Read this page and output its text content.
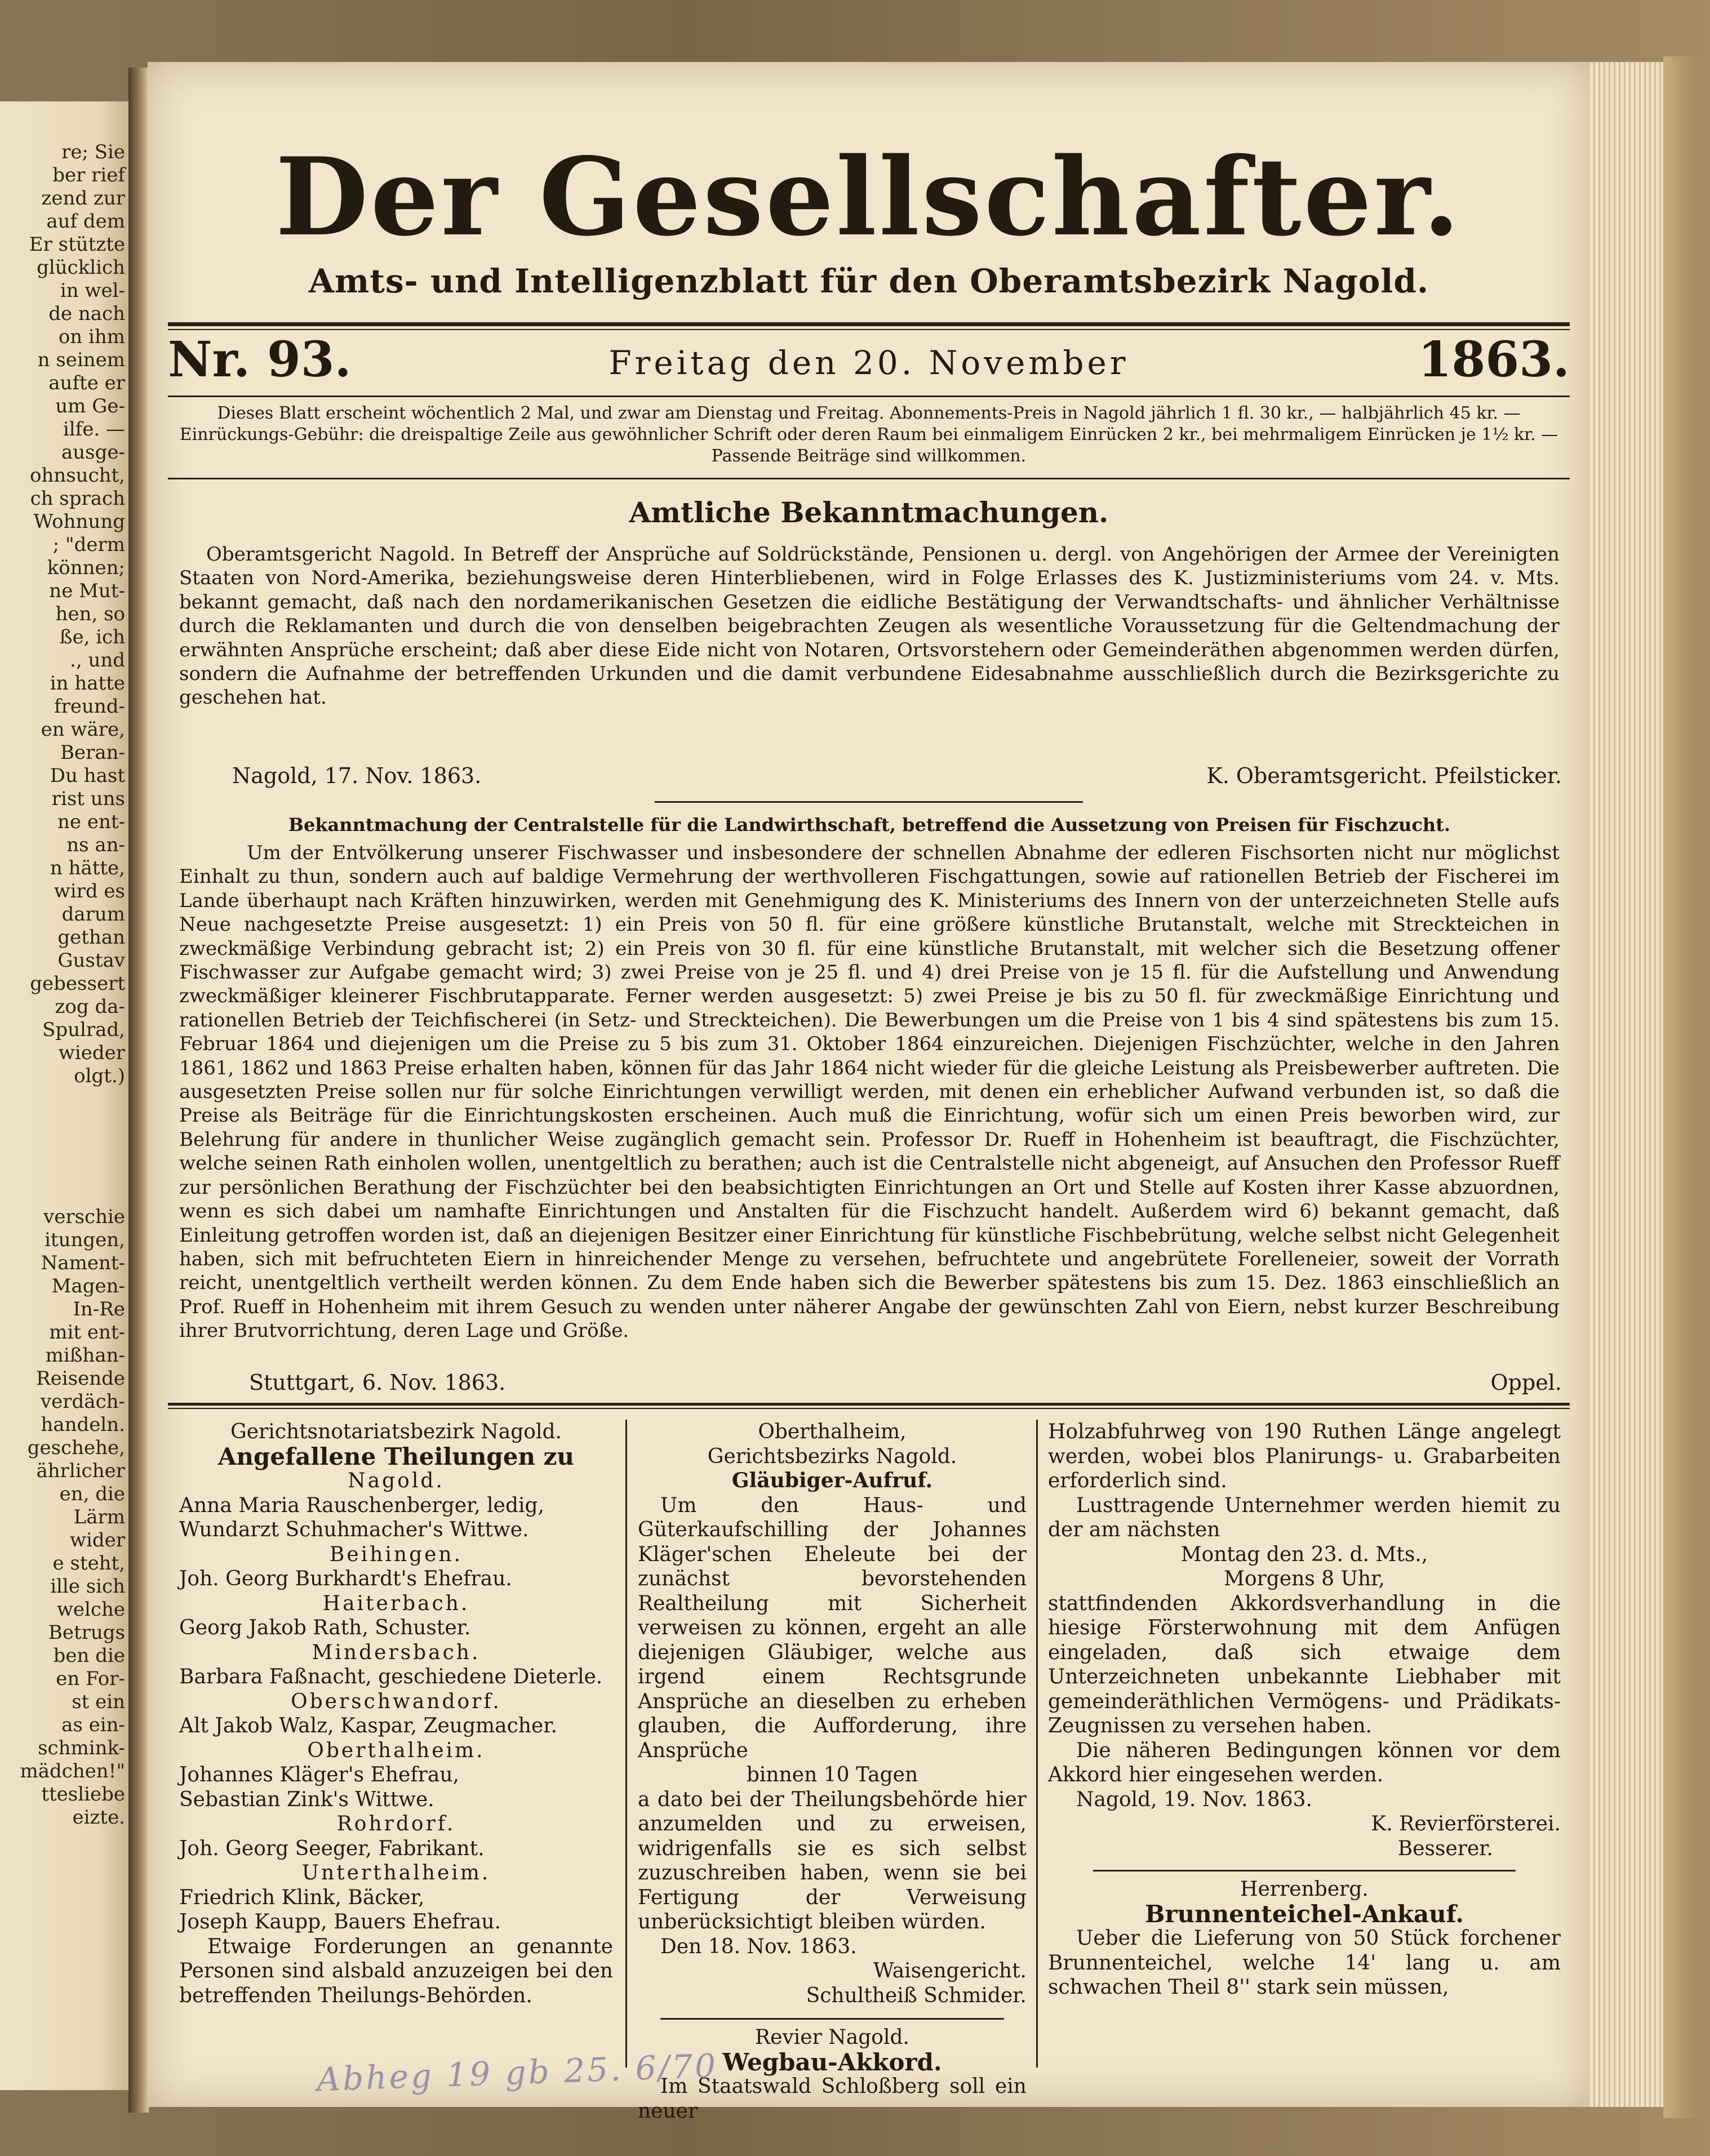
re; Sie
ber rief
zend zur
auf dem
Er stützte
glücklich
in wel-
de nach
on ihm
n seinem
aufte er
um Ge-
ilfe. —
ausge-
ohnsucht,
ch sprach
Wohnung
; "derm
können;
ne Mut-
hen, so
ße, ich
., und
in hatte
freund-
en wäre,
Beran-
Du hast
rist uns
ne ent-
ns an-
n hätte,
wird es
darum
gethan
Gustav
gebessert
zog da-
Spulrad,
wieder
olgt.)
verschie
itungen,
Nament-
Magen-
In-Re
mit ent-
mißhan-
Reisende
verdäch-
handeln.
geschehe,
ährlicher
en, die
Lärm
wider
e steht,
ille sich
welche
Betrugs
ben die
en For-
st ein
as ein-
schmink-
mädchen!"
ttesliebe
eizte.
Der Gesellschafter.
Amts- und Intelligenzblatt für den Oberamtsbezirk Nagold.
Nr. 93.	Freitag den 20. November	1863.
Dieses Blatt erscheint wöchentlich 2 Mal, und zwar am Dienstag und Freitag. Abonnements-Preis in Nagold jährlich 1 fl. 30 kr., — halbjährlich 45 kr. — Einrückungs-Gebühr: die dreispaltige Zeile aus gewöhnlicher Schrift oder deren Raum bei einmaligem Einrücken 2 kr., bei mehrmaligem Einrücken je 1½ kr. — Passende Beiträge sind willkommen.
Amtliche Bekanntmachungen.
Oberamtsgericht Nagold. In Betreff der Ansprüche auf Soldrückstände, Pensionen u. dergl. von Angehörigen der Armee der Vereinigten Staaten von Nord-Amerika, beziehungsweise deren Hinterbliebenen, wird in Folge Erlasses des K. Justizministeriums vom 24. v. Mts. bekannt gemacht, daß nach den nordamerikanischen Gesetzen die eidliche Bestätigung der Verwandtschafts- und ähnlicher Verhältnisse durch die Reklamanten und durch die von denselben beigebrachten Zeugen als wesentliche Voraussetzung für die Geltendmachung der erwähnten Ansprüche erscheint; daß aber diese Eide nicht von Notaren, Ortsvorstehern oder Gemeinderäthen abgenommen werden dürfen, sondern die Aufnahme der betreffenden Urkunden und die damit verbundene Eidesabnahme ausschließlich durch die Bezirksgerichte zu geschehen hat.
Nagold, 17. Nov. 1863.	K. Oberamtsgericht. Pfeilsticker.
Bekanntmachung der Centralstelle für die Landwirthschaft, betreffend die Aussetzung von Preisen für Fischzucht.
Um der Entvölkerung unserer Fischwasser und insbesondere der schnellen Abnahme der edleren Fischsorten nicht nur möglichst Einhalt zu thun, sondern auch auf baldige Vermehrung der werthvolleren Fischgattungen, sowie auf rationellen Betrieb der Fischerei im Lande überhaupt nach Kräften hinzuwirken, werden mit Genehmigung des K. Ministeriums des Innern von der unterzeichneten Stelle aufs Neue nachgesetzte Preise ausgesetzt: 1) ein Preis von 50 fl. für eine größere künstliche Brutanstalt, welche mit Streckteichen in zweckmäßige Verbindung gebracht ist; 2) ein Preis von 30 fl. für eine künstliche Brutanstalt, mit welcher sich die Besetzung offener Fischwasser zur Aufgabe gemacht wird; 3) zwei Preise von je 25 fl. und 4) drei Preise von je 15 fl. für die Aufstellung und Anwendung zweckmäßiger kleinerer Fischbrutapparate. Ferner werden ausgesetzt: 5) zwei Preise je bis zu 50 fl. für zweckmäßige Einrichtung und rationellen Betrieb der Teichfischerei (in Setz- und Streckteichen). Die Bewerbungen um die Preise von 1 bis 4 sind spätestens bis zum 15. Februar 1864 und diejenigen um die Preise zu 5 bis zum 31. Oktober 1864 einzureichen. Diejenigen Fischzüchter, welche in den Jahren 1861, 1862 und 1863 Preise erhalten haben, können für das Jahr 1864 nicht wieder für die gleiche Leistung als Preisbewerber auftreten. Die ausgesetzten Preise sollen nur für solche Einrichtungen verwilligt werden, mit denen ein erheblicher Aufwand verbunden ist, so daß die Preise als Beiträge für die Einrichtungskosten erscheinen. Auch muß die Einrichtung, wofür sich um einen Preis beworben wird, zur Belehrung für andere in thunlicher Weise zugänglich gemacht sein. Professor Dr. Rueff in Hohenheim ist beauftragt, die Fischzüchter, welche seinen Rath einholen wollen, unentgeltlich zu berathen; auch ist die Centralstelle nicht abgeneigt, auf Ansuchen den Professor Rueff zur persönlichen Berathung der Fischzüchter bei den beabsichtigten Einrichtungen an Ort und Stelle auf Kosten ihrer Kasse abzuordnen, wenn es sich dabei um namhafte Einrichtungen und Anstalten für die Fischzucht handelt. Außerdem wird 6) bekannt gemacht, daß Einleitung getroffen worden ist, daß an diejenigen Besitzer einer Einrichtung für künstliche Fischbebrütung, welche selbst nicht Gelegenheit haben, sich mit befruchteten Eiern in hinreichender Menge zu versehen, befruchtete und angebrütete Forelleneier, soweit der Vorrath reicht, unentgeltlich vertheilt werden können. Zu dem Ende haben sich die Bewerber spätestens bis zum 15. Dez. 1863 einschließlich an Prof. Rueff in Hohenheim mit ihrem Gesuch zu wenden unter näherer Angabe der gewünschten Zahl von Eiern, nebst kurzer Beschreibung ihrer Brutvorrichtung, deren Lage und Größe.
Stuttgart, 6. Nov. 1863.	Oppel.
Gerichtsnotariatsbezirk Nagold.
Angefallene Theilungen zu
Nagold.
Anna Maria Rauschenberger, ledig,
Wundarzt Schuhmacher's Wittwe.
Beihingen.
Joh. Georg Burkhardt's Ehefrau.
Haiterbach.
Georg Jakob Rath, Schuster.
Mindersbach.
Barbara Faßnacht, geschiedene Dieterle.
Oberschwandorf.
Alt Jakob Walz, Kaspar, Zeugmacher.
Oberthalheim.
Johannes Kläger's Ehefrau,
Sebastian Zink's Wittwe.
Rohrdorf.
Joh. Georg Seeger, Fabrikant.
Unterthalheim.
Friedrich Klink, Bäcker,
Joseph Kaupp, Bauers Ehefrau.
Etwaige Forderungen an genannte Personen sind alsbald anzuzeigen bei den betreffenden Theilungs-Behörden.
Oberthalheim,
Gerichtsbezirks Nagold.
Gläubiger-Aufruf.
Um den Haus- und Güterkaufschilling der Johannes Kläger'schen Eheleute bei der zunächst bevorstehenden Realtheilung mit Sicherheit verweisen zu können, ergeht an alle diejenigen Gläubiger, welche aus irgend einem Rechtsgrunde Ansprüche an dieselben zu erheben glauben, die Aufforderung, ihre Ansprüche
binnen 10 Tagen
a dato bei der Theilungsbehörde hier anzumelden und zu erweisen, widrigenfalls sie es sich selbst zuzuschreiben haben, wenn sie bei Fertigung der Verweisung unberücksichtigt bleiben würden.
Den 18. Nov. 1863.
Waisengericht.
Schultheiß Schmider.
Revier Nagold.
Wegbau-Akkord.
Im Staatswald Schloßberg soll ein neuer
Holzabfuhrweg von 190 Ruthen Länge angelegt werden, wobei blos Planirungs- u. Grabarbeiten erforderlich sind.
Lusttragende Unternehmer werden hiemit zu der am nächsten
Montag den 23. d. Mts.,
Morgens 8 Uhr,
stattfindenden Akkordsverhandlung in die hiesige Försterwohnung mit dem Anfügen eingeladen, daß sich etwaige dem Unterzeichneten unbekannte Liebhaber mit gemeinderäthlichen Vermögens- und Prädikats-Zeugnissen zu versehen haben.
Die näheren Bedingungen können vor dem Akkord hier eingesehen werden.
Nagold, 19. Nov. 1863.
K. Revierförsterei.
Besserer.
Herrenberg.
Brunnenteichel-Ankauf.
Ueber die Lieferung von 50 Stück forchener Brunnenteichel, welche 14' lang u. am schwachen Theil 8'' stark sein müssen,
Abheg 19 gb 25. 6/70
